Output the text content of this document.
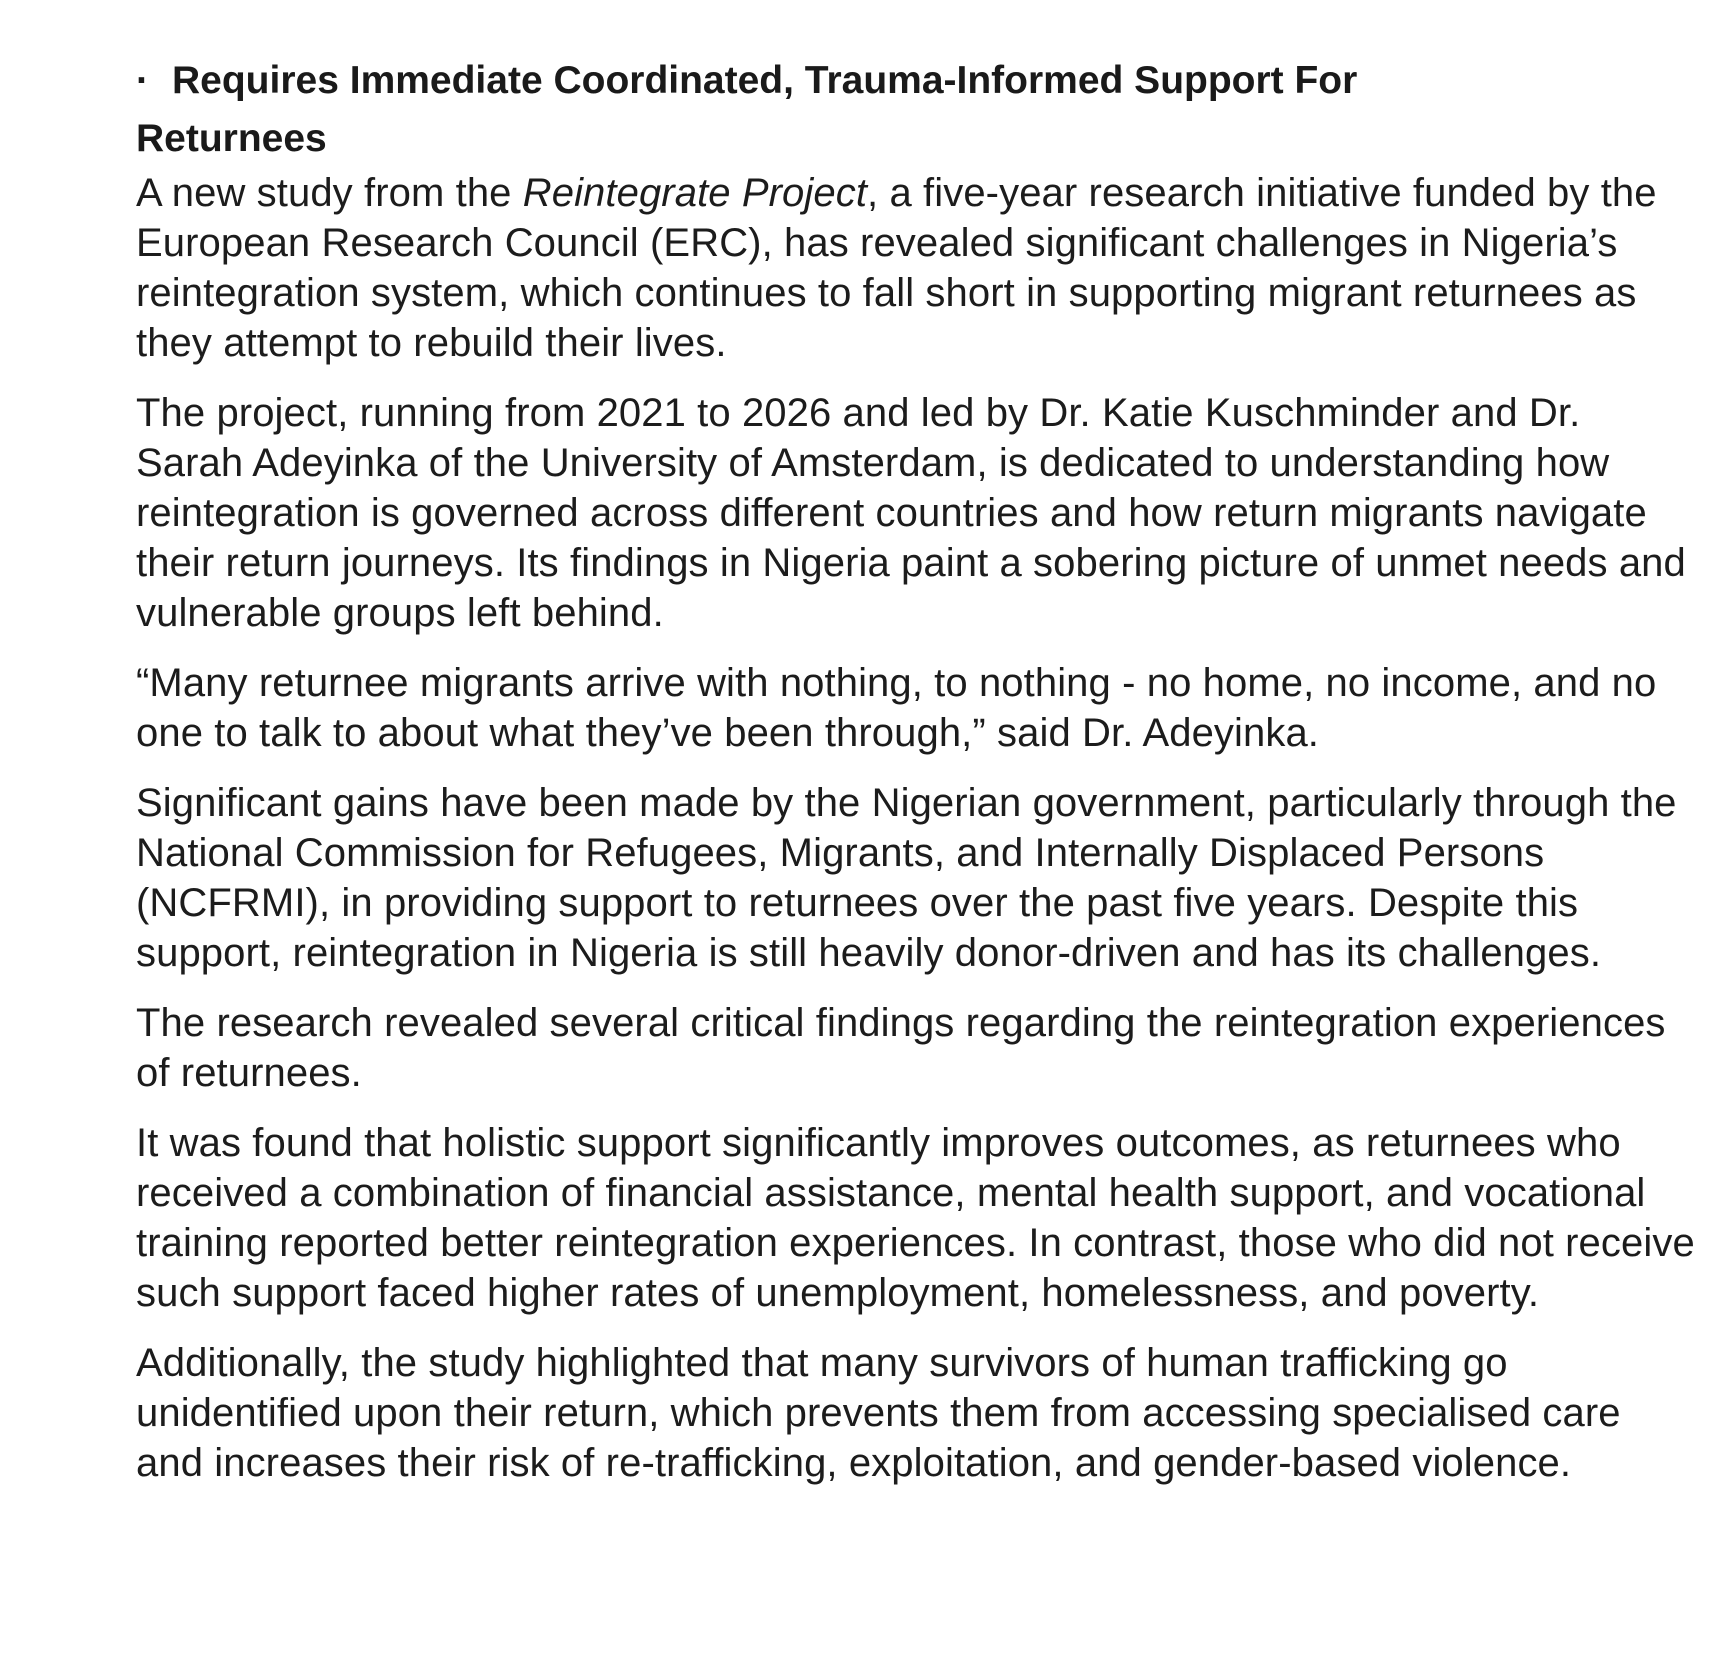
· Requires Immediate Coordinated, Trauma-Informed Support For Returnees

A new study from the Reintegrate Project, a five-year research initiative funded by the European Research Council (ERC), has revealed significant challenges in Nigeria’s reintegration system, which continues to fall short in supporting migrant returnees as they attempt to rebuild their lives.

The project, running from 2021 to 2026 and led by Dr. Katie Kuschminder and Dr. Sarah Adeyinka of the University of Amsterdam, is dedicated to understanding how reintegration is governed across different countries and how return migrants navigate their return journeys. Its findings in Nigeria paint a sobering picture of unmet needs and vulnerable groups left behind.

“Many returnee migrants arrive with nothing, to nothing - no home, no income, and no one to talk to about what they’ve been through,” said Dr. Adeyinka.

Significant gains have been made by the Nigerian government, particularly through the National Commission for Refugees, Migrants, and Internally Displaced Persons (NCFRMI), in providing support to returnees over the past five years. Despite this support, reintegration in Nigeria is still heavily donor-driven and has its challenges.

The research revealed several critical findings regarding the reintegration experiences of returnees.

It was found that holistic support significantly improves outcomes, as returnees who received a combination of financial assistance, mental health support, and vocational training reported better reintegration experiences. In contrast, those who did not receive such support faced higher rates of unemployment, homelessness, and poverty.

Additionally, the study highlighted that many survivors of human trafficking go unidentified upon their return, which prevents them from accessing specialised care and increases their risk of re-trafficking, exploitation, and gender-based violence.
